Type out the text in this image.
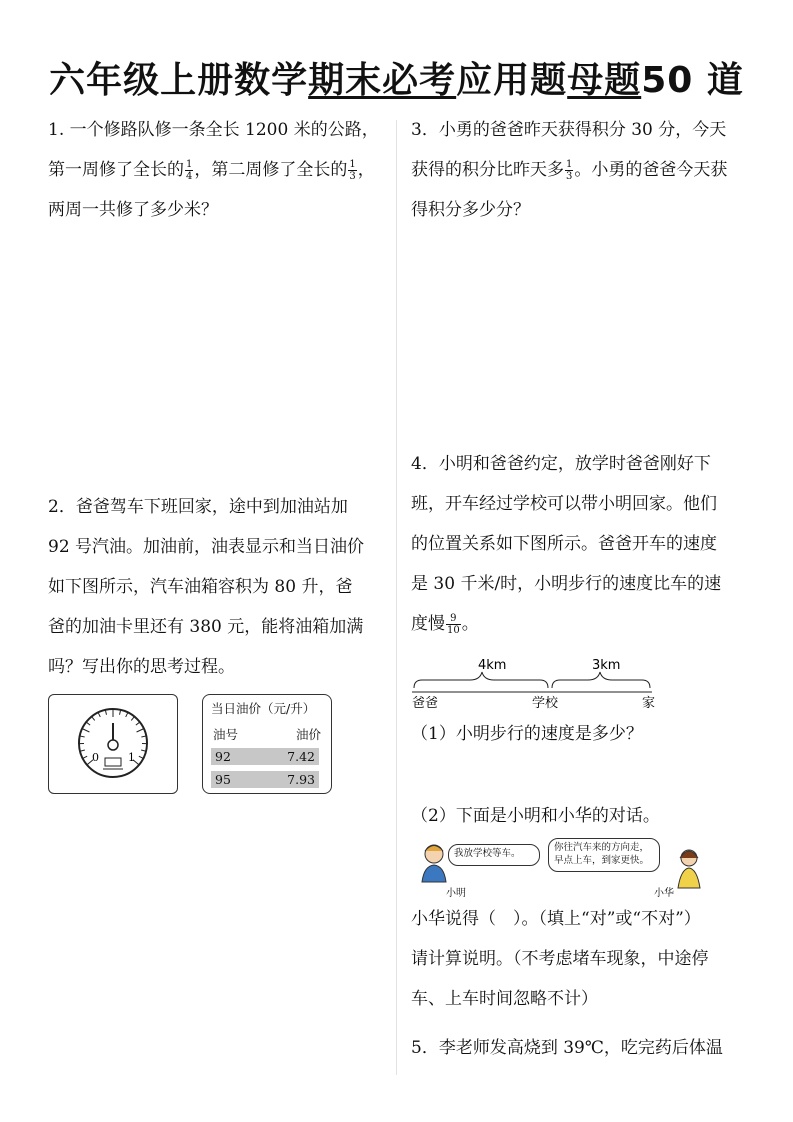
六年级上册数学期末必考应用题母题50 道

1. 一个修路队修一条全长 1200 米的公路，

第一周修了全长的 $\frac{1}{4}$ ，第二周修了全长的 $\frac{1}{3}$ ，

两周一共修了多少米？

2．爸爸驾车下班回家，途中到加油站加

92 号汽油。加油前，油表显示和当日油价

如下图所示，汽车油箱容积为 80 升，爸

爸的加油卡里还有 380 元，能将油箱加满

吗？写出你的思考过程。

0	1
当日油价（元/升）
油号	油价
92	7.42
95	7.93

3．小勇的爸爸昨天获得积分 30 分，今天

获得的积分比昨天多 $\frac{1}{3}$ 。小勇的爸爸今天获

得积分多少分？

4．小明和爸爸约定，放学时爸爸刚好下

班，开车经过学校可以带小明回家。他们

的位置关系如下图所示。爸爸开车的速度

是 30 千米/时，小明步行的速度比车的速

度慢 $\frac{9}{10}$ 。

4km	3km
爸爸	学校	家

（1）小明步行的速度是多少？

（2）下面是小明和小华的对话。

我放学校等车。
你往汽车来的方向走，
早点上车，到家更快。
小明	小华

小华说得（　）。（填上“对”或“不对”）

请计算说明。（不考虑堵车现象，中途停

车、上车时间忽略不计）

5．李老师发高烧到 39℃，吃完药后体温
